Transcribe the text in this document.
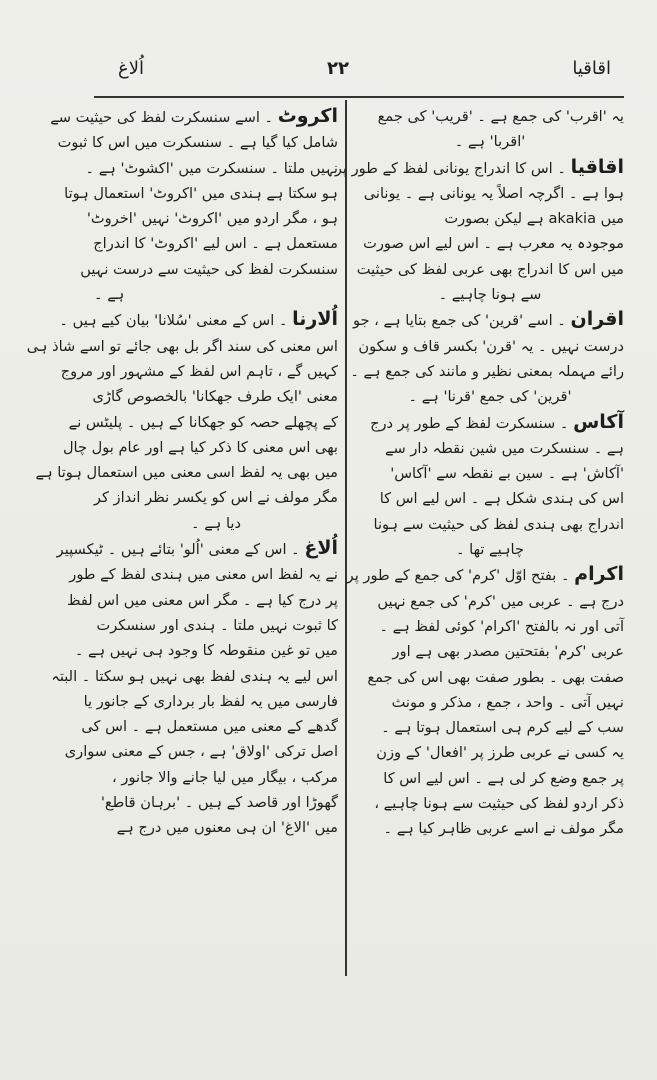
اُلاغ	۲۲	اقاقیا

یہ 'اقرب' کی جمع ہے ۔ 'قریب' کی جمع

'اقربا' ہے ۔

اقاقیا ۔ اس کا اندراج یونانی لفظ کے طور پر

ہوا ہے ۔ اگرچہ اصلاً یہ یونانی ہے ۔ یونانی

میں akakia ہے لیکن بصورت

موجودہ یہ معرب ہے ۔ اس لیے اس صورت

میں اس کا اندراج بھی عربی لفظ کی حیثیت

سے ہونا چاہیے ۔

اقران ۔ اسے 'قرین' کی جمع بتایا ہے ، جو

درست نہیں ۔ یہ 'قرن' بکسر قاف و سکون

رائے مہملہ بمعنی نظیر و مانند کی جمع ہے ۔

'قرین' کی جمع 'قرنا' ہے ۔

آکاس ۔ سنسکرت لفظ کے طور پر درج

ہے ۔ سنسکرت میں شین نقطہ دار سے

'آکاش' ہے ۔ سین بے نقطہ سے 'آکاس'

اس کی ہندی شکل ہے ۔ اس لیے اس کا

اندراج بھی ہندی لفظ کی حیثیت سے ہونا

چاہیے تھا ۔

اکرام ۔ بفتح اوّل 'کرم' کی جمع کے طور پر

درج ہے ۔ عربی میں 'کرم' کی جمع نہیں

آتی اور نہ بالفتح 'اکرام' کوئی لفظ ہے ۔

عربی 'کرم' بفتحتین مصدر بھی ہے اور

صفت بھی ۔ بطور صفت بھی اس کی جمع

نہیں آتی ۔ واحد ، جمع ، مذکر و مونث

سب کے لیے کرم ہی استعمال ہوتا ہے ۔

یہ کسی نے عربی طرز پر 'افعال' کے وزن

پر جمع وضع کر لی ہے ۔ اس لیے اس کا

ذکر اردو لفظ کی حیثیت سے ہونا چاہیے ،

مگر مولف نے اسے عربی ظاہر کیا ہے ۔

اکروٹ ۔ اسے سنسکرت لفظ کی حیثیت سے

شامل کیا گیا ہے ۔ سنسکرت میں اس کا ثبوت

نہیں ملتا ۔ سنسکرت میں 'اکشوٹ' ہے ۔

ہو سکتا ہے ہندی میں 'اکروٹ' استعمال ہوتا

ہو ، مگر اردو میں 'اکروٹ' نہیں 'اخروٹ'

مستعمل ہے ۔ اس لیے 'اکروٹ' کا اندراج

سنسکرت لفظ کی حیثیت سے درست نہیں

ہے ۔

اُلارنا ۔ اس کے معنی 'سُلانا' بیان کیے ہیں ۔

اس معنی کی سند اگر بل بھی جائے تو اسے شاذ ہی

کہیں گے ، تاہم اس لفظ کے مشہور اور مروج

معنی 'ایک طرف جھکانا' بالخصوص گاڑی

کے پچھلے حصہ کو جھکانا کے ہیں ۔ پلیٹس نے

بھی اس معنی کا ذکر کیا ہے اور عام بول چال

میں بھی یہ لفظ اسی معنی میں استعمال ہوتا ہے

مگر مولف نے اس کو یکسر نظر انداز کر

دیا ہے ۔

اُلاغ ۔ اس کے معنی 'اُلو' بتائے ہیں ۔ ٹیکسپیر

نے یہ لفظ اس معنی میں ہندی لفظ کے طور

پر درج کیا ہے ۔ مگر اس معنی میں اس لفظ

کا ثبوت نہیں ملتا ۔ ہندی اور سنسکرت

میں تو غین منقوطہ کا وجود ہی نہیں ہے ۔

اس لیے یہ ہندی لفظ بھی نہیں ہو سکتا ۔ البتہ

فارسی میں یہ لفظ بار برداری کے جانور یا

گدھے کے معنی میں مستعمل ہے ۔ اس کی

اصل ترکی 'اولاق' ہے ، جس کے معنی سواری

مرکب ، بیگار میں لیا جانے والا جانور ،

گھوڑا اور قاصد کے ہیں ۔ 'برہان قاطع'

میں 'الاغ' ان ہی معنوں میں درج ہے
